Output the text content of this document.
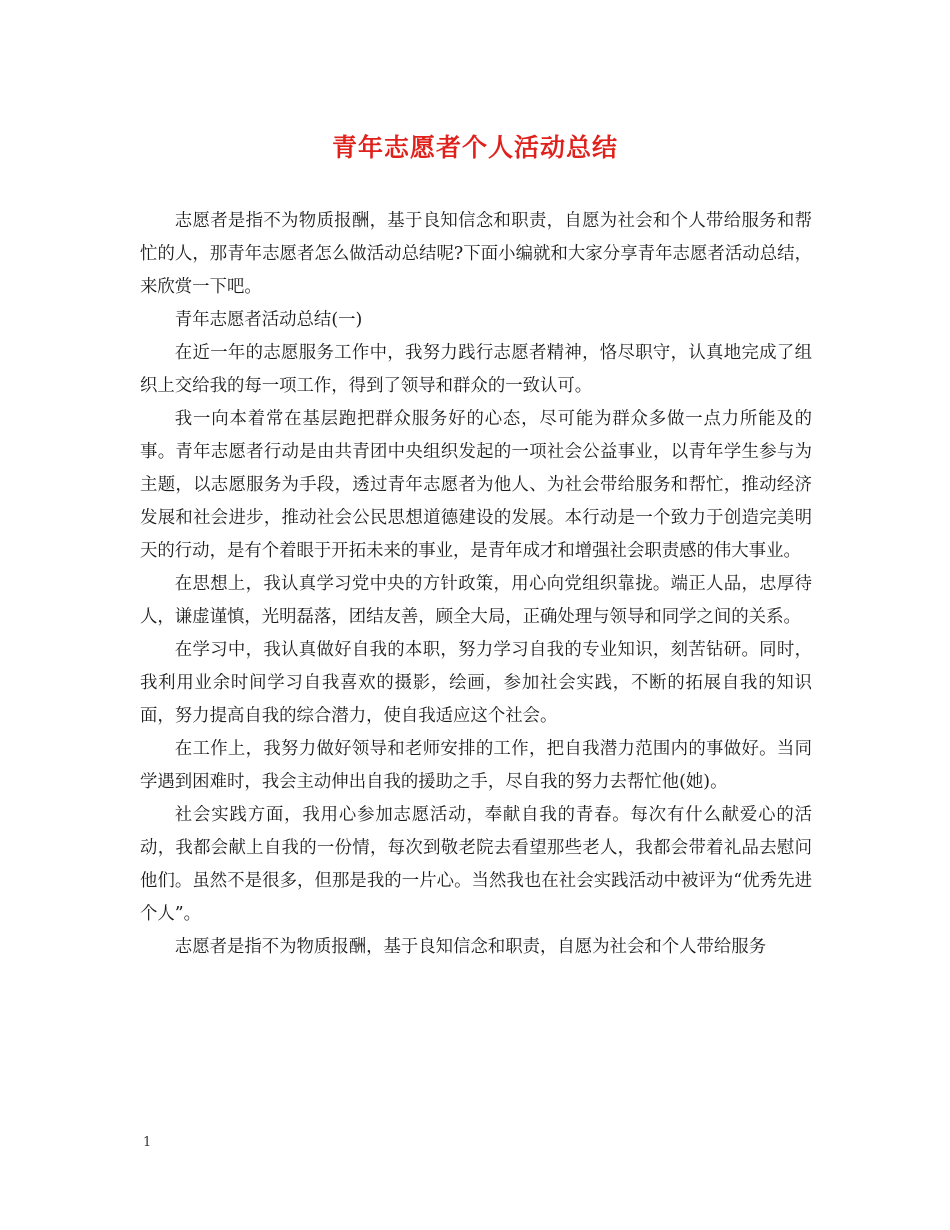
青年志愿者个人活动总结

志愿者是指不为物质报酬，基于良知信念和职责，自愿为社会和个人带给服务和帮忙的人，那青年志愿者怎么做活动总结呢?下面小编就和大家分享青年志愿者活动总结，来欣赏一下吧。

青年志愿者活动总结(一)

在近一年的志愿服务工作中，我努力践行志愿者精神，恪尽职守，认真地完成了组织上交给我的每一项工作，得到了领导和群众的一致认可。

我一向本着常在基层跑把群众服务好的心态，尽可能为群众多做一点力所能及的事。青年志愿者行动是由共青团中央组织发起的一项社会公益事业，以青年学生参与为主题，以志愿服务为手段，透过青年志愿者为他人、为社会带给服务和帮忙，推动经济发展和社会进步，推动社会公民思想道德建设的发展。本行动是一个致力于创造完美明天的行动，是有个着眼于开拓未来的事业，是青年成才和增强社会职责感的伟大事业。

在思想上，我认真学习党中央的方针政策，用心向党组织靠拢。端正人品，忠厚待人，谦虚谨慎，光明磊落，团结友善，顾全大局，正确处理与领导和同学之间的关系。

在学习中，我认真做好自我的本职，努力学习自我的专业知识，刻苦钻研。同时，我利用业余时间学习自我喜欢的摄影，绘画，参加社会实践，不断的拓展自我的知识面，努力提高自我的综合潜力，使自我适应这个社会。

在工作上，我努力做好领导和老师安排的工作，把自我潜力范围内的事做好。当同学遇到困难时，我会主动伸出自我的援助之手，尽自我的努力去帮忙他(她)。

社会实践方面，我用心参加志愿活动，奉献自我的青春。每次有什么献爱心的活动，我都会献上自我的一份情，每次到敬老院去看望那些老人，我都会带着礼品去慰问他们。虽然不是很多，但那是我的一片心。当然我也在社会实践活动中被评为“优秀先进个人”。

志愿者是指不为物质报酬，基于良知信念和职责，自愿为社会和个人带给服务

1
